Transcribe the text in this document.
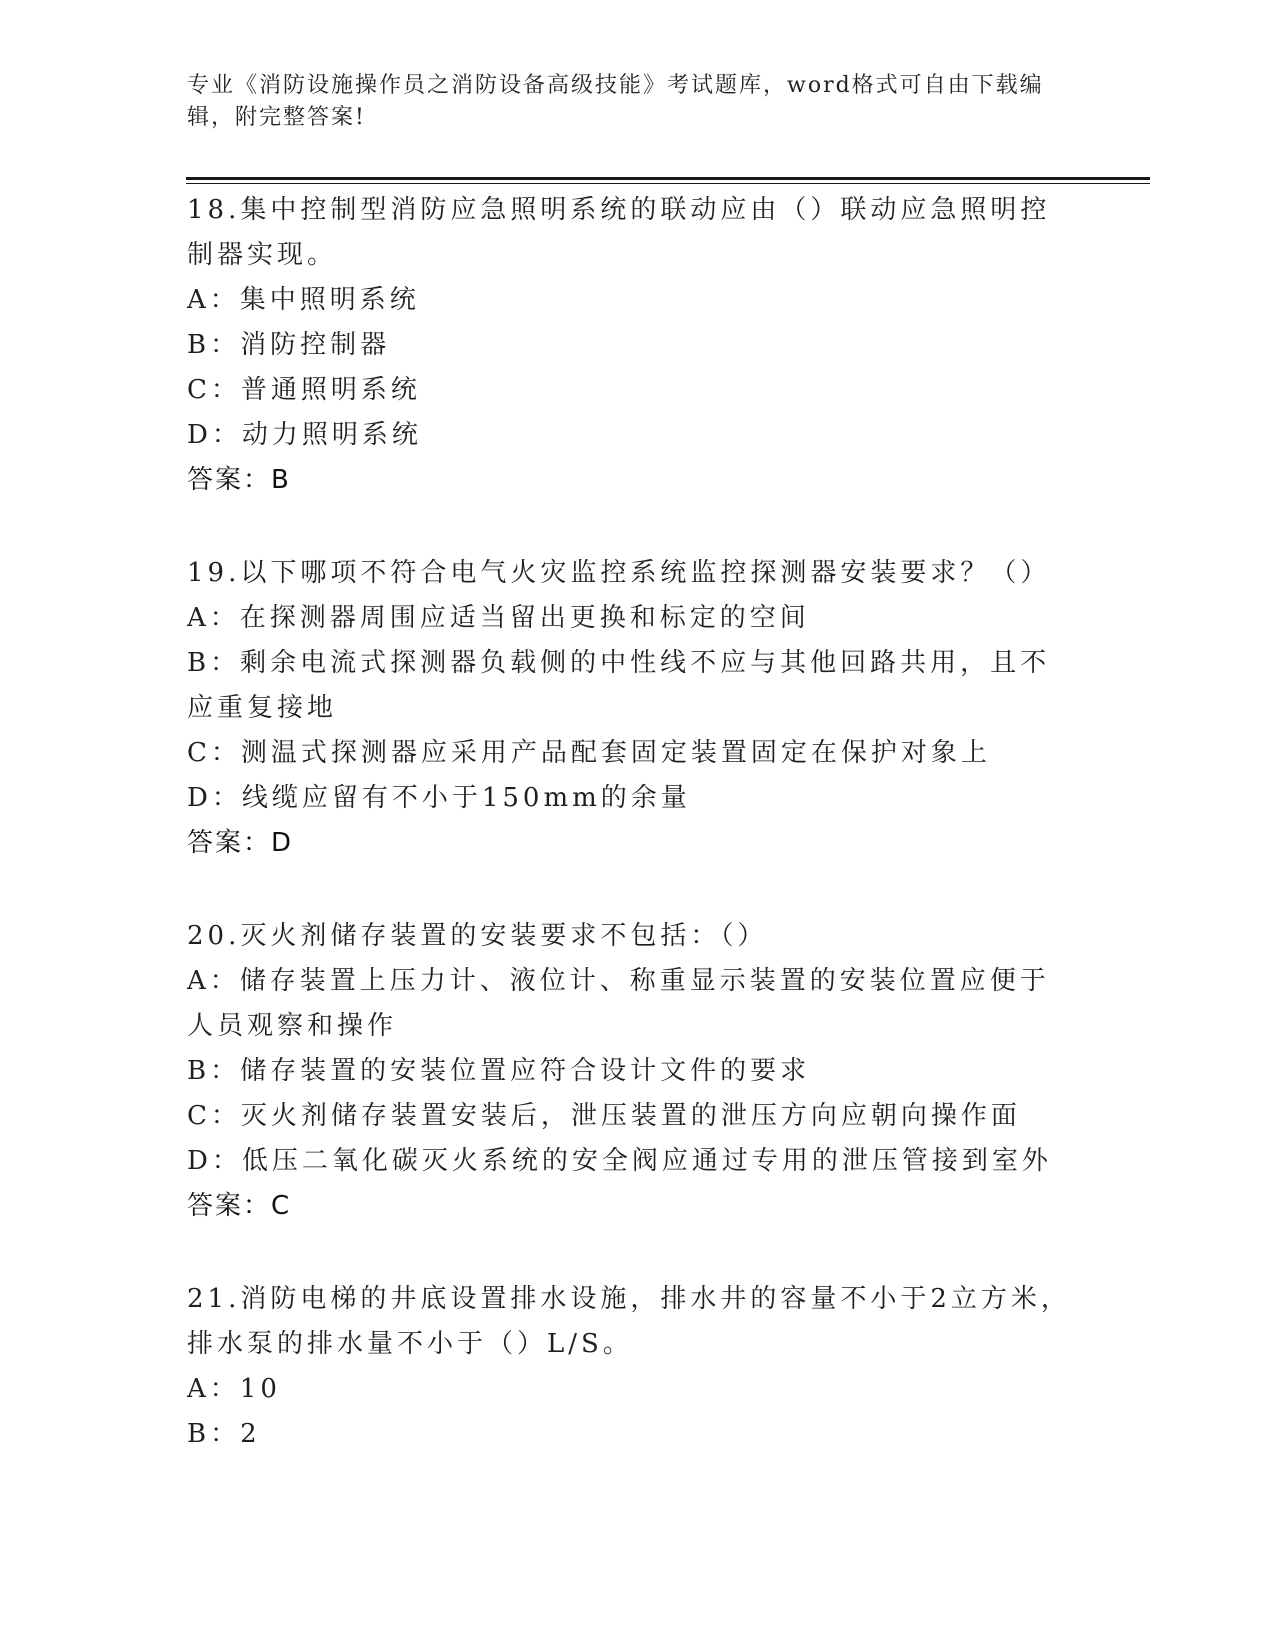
专业《消防设施操作员之消防设备高级技能》考试题库，word格式可自由下载编辑，附完整答案!
18.集中控制型消防应急照明系统的联动应由（）联动应急照明控制器实现。
A：集中照明系统
B：消防控制器
C：普通照明系统
D：动力照明系统
答案：B
19.以下哪项不符合电气火灾监控系统监控探测器安装要求？（）
A：在探测器周围应适当留出更换和标定的空间
B：剩余电流式探测器负载侧的中性线不应与其他回路共用，且不应重复接地
C：测温式探测器应采用产品配套固定装置固定在保护对象上
D：线缆应留有不小于150mm的余量
答案：D
20.灭火剂储存装置的安装要求不包括：（）
A：储存装置上压力计、液位计、称重显示装置的安装位置应便于人员观察和操作
B：储存装置的安装位置应符合设计文件的要求
C：灭火剂储存装置安装后，泄压装置的泄压方向应朝向操作面
D：低压二氧化碳灭火系统的安全阀应通过专用的泄压管接到室外
答案：C
21.消防电梯的井底设置排水设施，排水井的容量不小于2立方米，排水泵的排水量不小于（）L/S。
A：10
B：2
